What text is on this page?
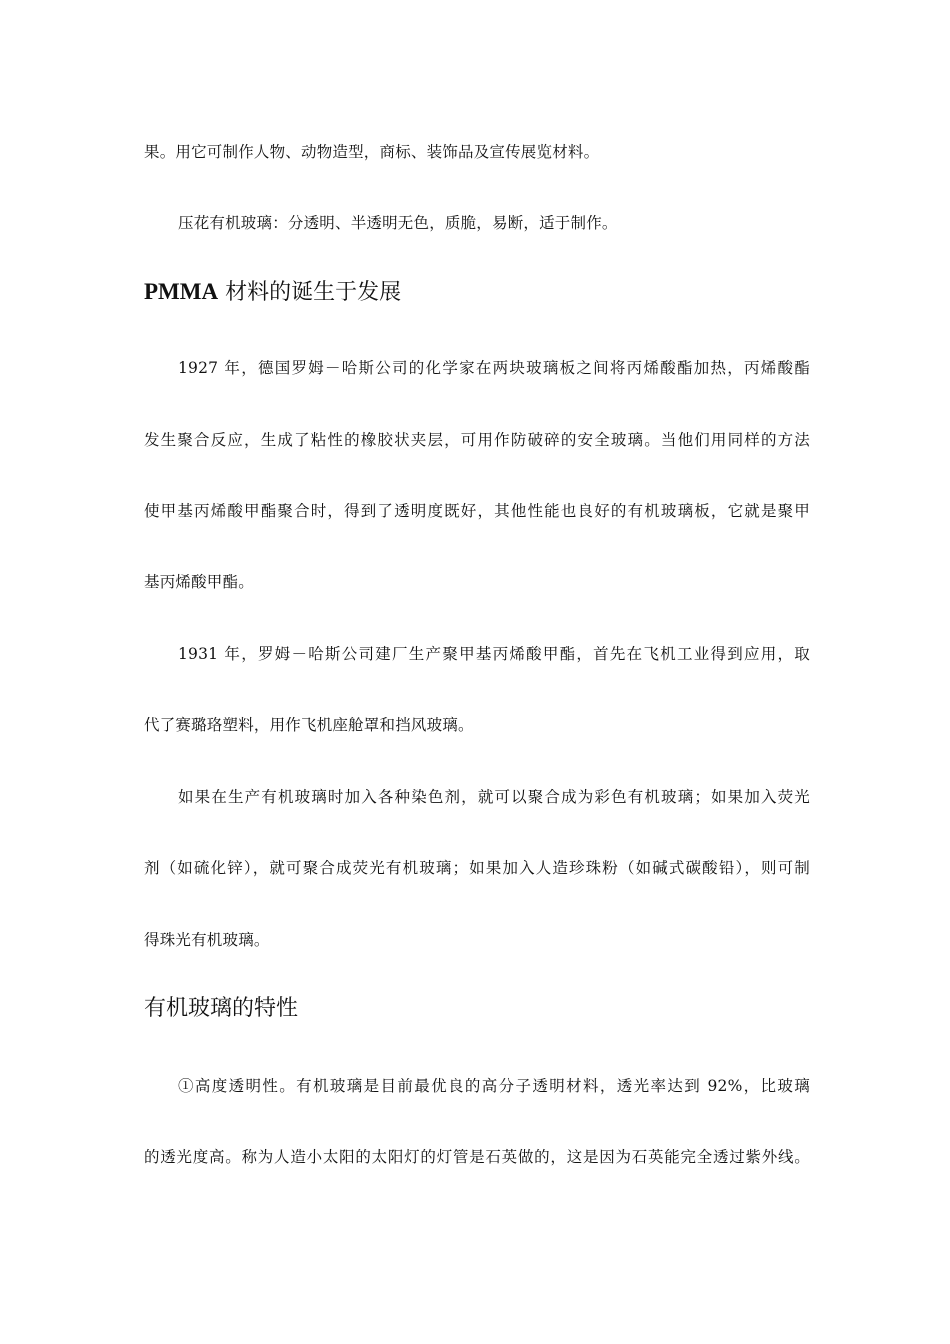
果。用它可制作人物、动物造型，商标、装饰品及宣传展览材料。
压花有机玻璃：分透明、半透明无色，质脆，易断，适于制作。
PMMA 材料的诞生于发展
1927 年，德国罗姆－哈斯公司的化学家在两块玻璃板之间将丙烯酸酯加热，丙烯酸酯
发生聚合反应，生成了粘性的橡胶状夹层，可用作防破碎的安全玻璃。当他们用同样的方法
使甲基丙烯酸甲酯聚合时，得到了透明度既好，其他性能也良好的有机玻璃板，它就是聚甲
基丙烯酸甲酯。
1931 年，罗姆－哈斯公司建厂生产聚甲基丙烯酸甲酯，首先在飞机工业得到应用，取
代了赛璐珞塑料，用作飞机座舱罩和挡风玻璃。
如果在生产有机玻璃时加入各种染色剂，就可以聚合成为彩色有机玻璃；如果加入荧光
剂（如硫化锌），就可聚合成荧光有机玻璃；如果加入人造珍珠粉（如碱式碳酸铅），则可制
得珠光有机玻璃。
有机玻璃的特性
①高度透明性。有机玻璃是目前最优良的高分子透明材料，透光率达到 92%，比玻璃
的透光度高。称为人造小太阳的太阳灯的灯管是石英做的，这是因为石英能完全透过紫外线。
